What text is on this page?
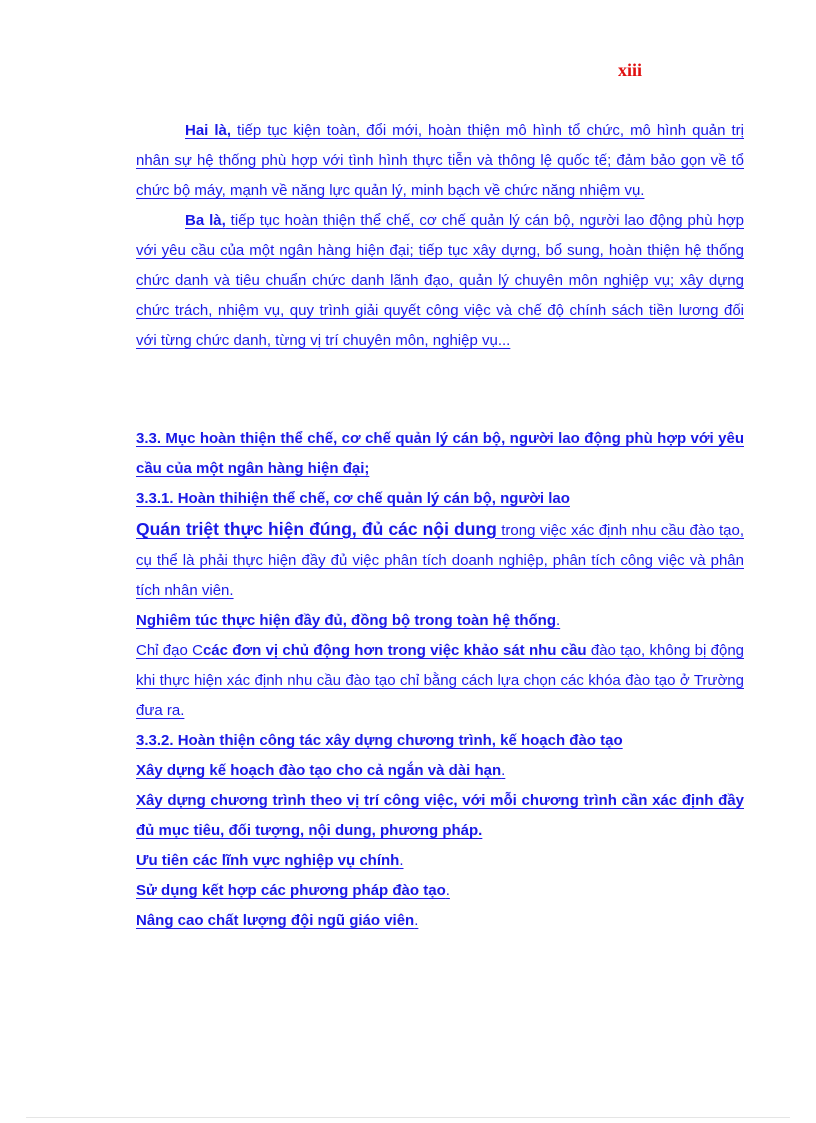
xiii

Hai là, tiếp tục kiện toàn, đổi mới, hoàn thiện mô hình tổ chức, mô hình quản trị nhân sự hệ thống phù hợp với tình hình thực tiễn và thông lệ quốc tế; đảm bảo gọn về tổ chức bộ máy, mạnh về năng lực quản lý, minh bạch về chức năng nhiệm vụ.

Ba là, tiếp tục hoàn thiện thể chế, cơ chế quản lý cán bộ, người lao động phù hợp với yêu cầu của một ngân hàng hiện đại; tiếp tục xây dựng, bổ sung, hoàn thiện hệ thống chức danh và tiêu chuẩn chức danh lãnh đạo, quản lý chuyên môn nghiệp vụ; xây dựng chức trách, nhiệm vụ, quy trình giải quyết công việc và chế độ chính sách tiền lương đối với từng chức danh, từng vị trí chuyên môn, nghiệp vụ...

3.3. Mục hoàn thiện thể chế, cơ chế quản lý cán bộ, người lao động phù hợp với yêu cầu của một ngân hàng hiện đại;

3.3.1. Hoàn thihiện thể chế, cơ chế quản lý cán bộ, người lao

Quán triệt thực hiện đúng, đủ các nội dung trong việc xác định nhu cầu đào tạo, cụ thể là phải thực hiện đầy đủ việc phân tích doanh nghiệp, phân tích công việc và phân tích nhân viên.

Nghiêm túc thực hiện đầy đủ, đồng bộ trong toàn hệ thống.

Chỉ đạo Ccác đơn vị chủ động hơn trong việc khảo sát nhu cầu đào tạo, không bị động khi thực hiện xác định nhu cầu đào tạo chỉ bằng cách lựa chọn các khóa đào tạo ở Trường đưa ra.

3.3.2. Hoàn thiện công tác xây dựng chương trình, kế hoạch đào tạo

Xây dựng kế hoạch đào tạo cho cả ngắn và dài hạn.

Xây dựng chương trình theo vị trí công việc, với mỗi chương trình cần xác định đầy đủ mục tiêu, đối tượng, nội dung, phương pháp.

Ưu tiên các lĩnh vực nghiệp vụ chính.

Sử dụng kết hợp các phương pháp đào tạo.

Nâng cao chất lượng đội ngũ giáo viên.
